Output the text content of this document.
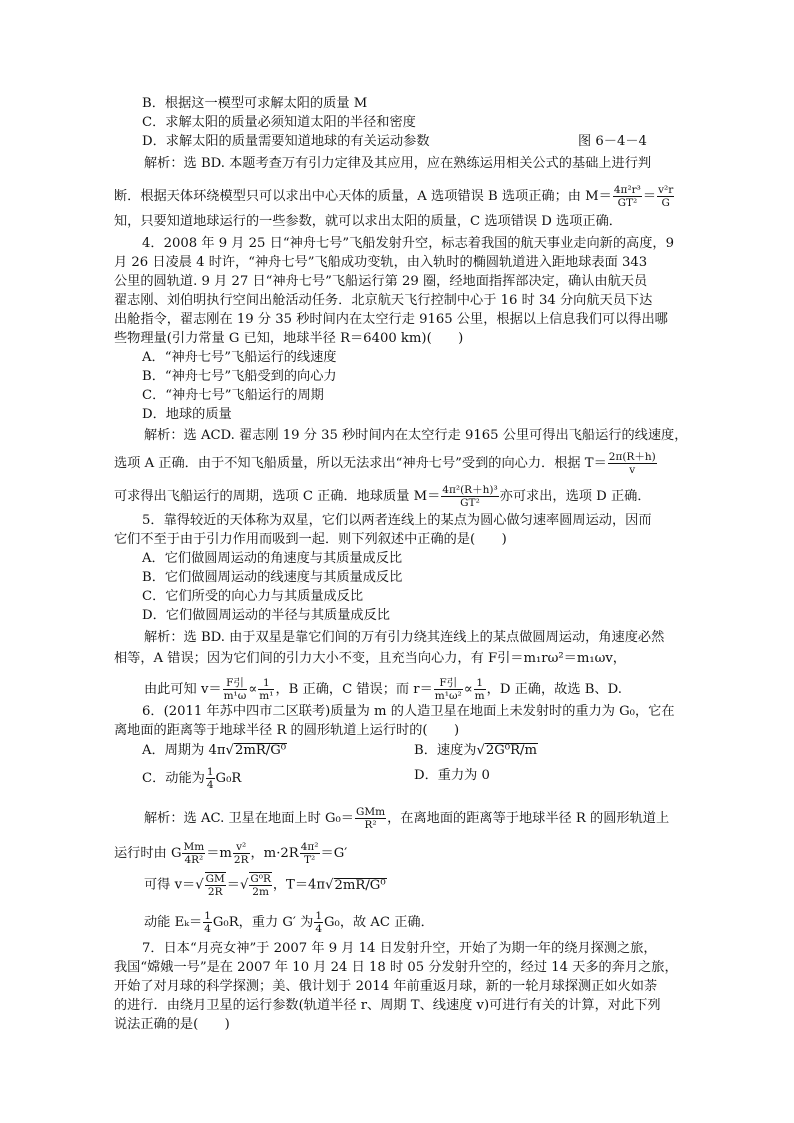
B．根据这一模型可求解太阳的质量 M
C．求解太阳的质量必须知道太阳的半径和密度
D．求解太阳的质量需要知道地球的有关运动参数	图 6－4－4
解析：选 BD. 本题考查万有引力定律及其应用，应在熟练运用相关公式的基础上进行判
断．根据天体环绕模型只可以求出中心天体的质量，A 选项错误 B 选项正确；由 $M= \frac{\text{4π²r³}}{\text{GT²}} = \frac{\text{v²r}}{G}$
知，只要知道地球运行的一些参数，就可以求出太阳的质量，C 选项错误 D 选项正确．
4．2008 年 9 月 25 日“神舟七号”飞船发射升空，标志着我国的航天事业走向新的高度，9
月 26 日凌晨 4 时许，“神舟七号”飞船成功变轨，由入轨时的椭圆轨道进入距地球表面 343
公里的圆轨道. 9 月 27 日“神舟七号”飞船运行第 29 圈，经地面指挥部决定，确认由航天员
翟志刚、刘伯明执行空间出舱活动任务．北京航天飞行控制中心于 16 时 34 分向航天员下达
出舱指令，翟志刚在 19 分 35 秒时间内在太空行走 9165 公里，根据以上信息我们可以得出哪
些物理量(引力常量 G 已知，地球半径 R＝6400 km)(　　)
A．“神舟七号”飞船运行的线速度
B．“神舟七号”飞船受到的向心力
C．“神舟七号”飞船运行的周期
D．地球的质量
解析：选 ACD. 翟志刚 19 分 35 秒时间内在太空行走 9165 公里可得出飞船运行的线速度，
选项 A 正确．由于不知飞船质量，所以无法求出“神舟七号”受到的向心力．根据 $T= \frac{2\pi(R+h)}{v}$
可求得出飞船运行的周期，选项 C 正确．地球质量 $M= \frac{\text{4π²(R＋h)³}}{\text{GT²}}$ 亦可求出，选项 D 正确．
5．靠得较近的天体称为双星，它们以两者连线上的某点为圆心做匀速率圆周运动，因而
它们不至于由于引力作用而吸到一起．则下列叙述中正确的是(　　)
A．它们做圆周运动的角速度与其质量成反比
B．它们做圆周运动的线速度与其质量成反比
C．它们所受的向心力与其质量成反比
D．它们做圆周运动的半径与其质量成反比
解析：选 BD. 由于双星是靠它们间的万有引力绕其连线上的某点做圆周运动，角速度必然
相等，A 错误；因为它们间的引力大小不变，且充当向心力，有 F引＝m₁rω²＝m₁ωv，
由此可知 v＝ F引
$m^1\omega \propto \frac{1}{\text{m¹}}$ ，B 正确，C 错误；而 r＝ F引
$m^1\omega^2 \propto \frac{1}{m}$ ，D 正确，故选 B、D.
6．(2011 年苏中四市二区联考)质量为 m 的人造卫星在地面上未发射时的重力为 G₀，它在
离地面的距离等于地球半径 R 的圆形轨道上运行时的(　　)
A．周期为 4π√2mR/G⁰	B．速度为√2G⁰R/m
C．动能为 $\frac{1}{4} G_0R$	D．重力为 0
解析：选 AC. 卫星在地面上时 G₀＝ GMm
R² ，在离地面的距离等于地球半径 R 的圆形轨道上
运行时由 G $\frac{Mm}{\text{4R²}} =m \frac{\text{v²}}{2R}$ ，$m\cdot 2R \frac{\text{4π²}}{\text{T²}} =G'$
可得 $v=√ \frac{GM}{2R}$ ＝√ $\frac{\text{G⁰R}}{2m}$ ，T＝4π√2mR/G⁰
动能 $E_k= \frac{1}{4} G_0R$，重力 G′ 为 $\frac{1}{4} G_0$，故 AC 正确．
7．日本“月亮女神”于 2007 年 9 月 14 日发射升空，开始了为期一年的绕月探测之旅，
我国“嫦娥一号”是在 2007 年 10 月 24 日 18 时 05 分发射升空的，经过 14 天多的奔月之旅，
开始了对月球的科学探测；美、俄计划于 2014 年前重返月球，新的一轮月球探测正如火如荼
的进行．由绕月卫星的运行参数(轨道半径 r、周期 T、线速度 v)可进行有关的计算，对此下列
说法正确的是(　　)
